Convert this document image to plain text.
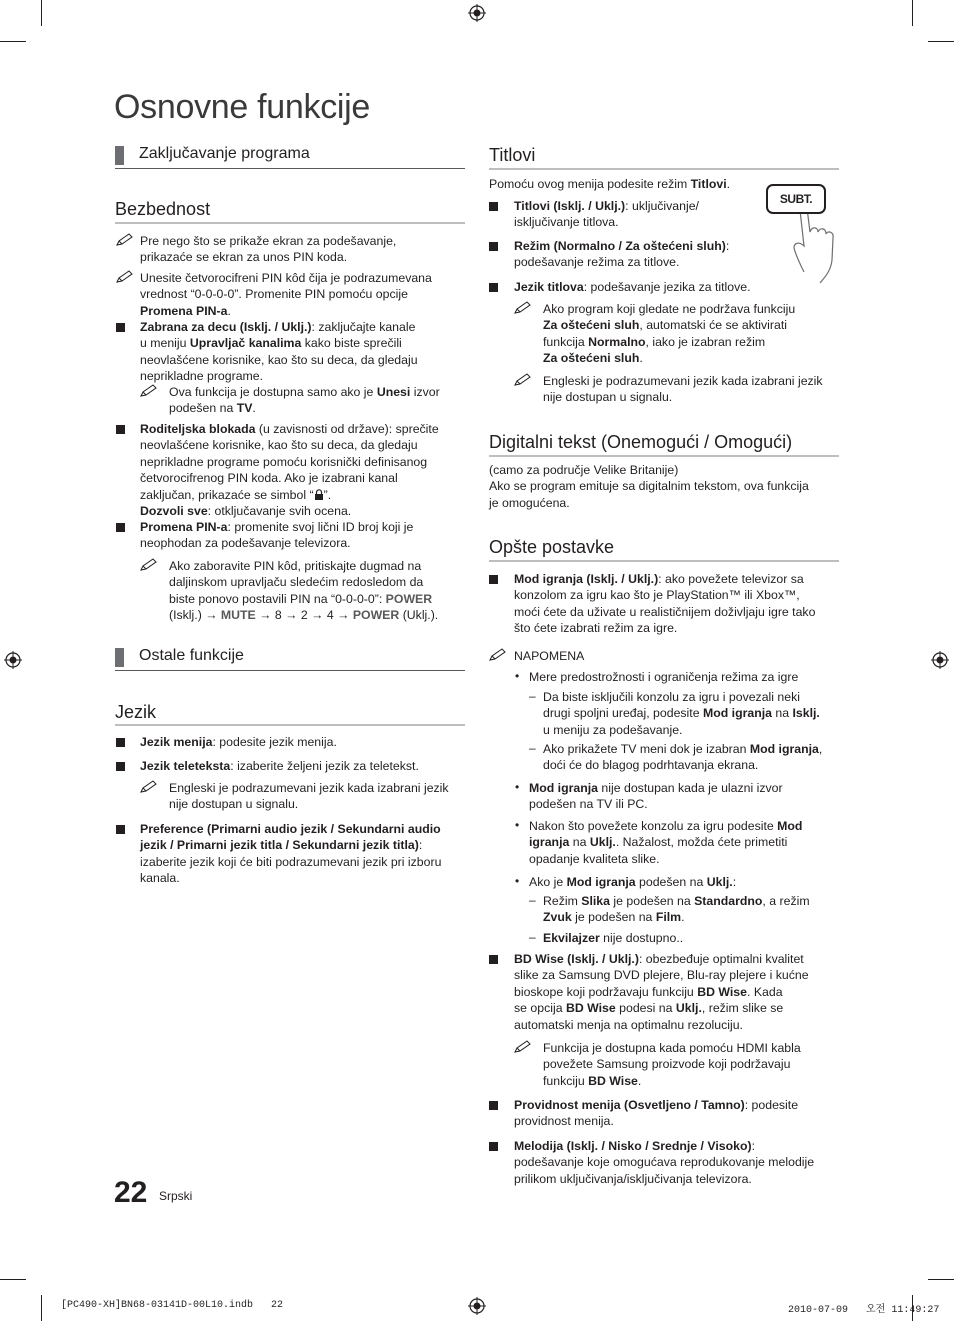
Osnovne funkcije
Zaključavanje programa
Bezbednost
Pre nego što se prikaže ekran za podešavanje,
prikazaće se ekran za unos PIN koda.
Unesite četvorocifreni PIN kôd čija je podrazumevana
vrednost “0-0-0-0”. Promenite PIN pomoću opcije
Promena PIN-a.
Zabrana za decu (Isklj. / Uklj.): zaključajte kanale
u meniju Upravljač kanalima kako biste sprečili
neovlašćene korisnike, kao što su deca, da gledaju
neprikladne programe.
Ova funkcija je dostupna samo ako je Unesi izvor
podešen na TV.
Roditeljska blokada (u zavisnosti od države): sprečite
neovlašćene korisnike, kao što su deca, da gledaju
neprikladne programe pomoću korisnički definisanog
četvorocifrenog PIN koda. Ako je izabrani kanal
zaključan, prikazaće se simbol “ ”.
Dozvoli sve: otključavanje svih ocena.
Promena PIN-a: promenite svoj lični ID broj koji je
neophodan za podešavanje televizora.
Ako zaboravite PIN kôd, pritiskajte dugmad na
daljinskom upravljaču sledećim redosledom da
biste ponovo postavili PIN na “0-0-0-0”: POWER
(Isklj.) → MUTE → 8 → 2 → 4 → POWER (Uklj.).
Ostale funkcije
Jezik
Jezik menija: podesite jezik menija.
Jezik teleteksta: izaberite željeni jezik za teletekst.
Engleski je podrazumevani jezik kada izabrani jezik
nije dostupan u signalu.
Preference (Primarni audio jezik / Sekundarni audio
jezik / Primarni jezik titla / Sekundarni jezik titla):
izaberite jezik koji će biti podrazumevani jezik pri izboru
kanala.
Titlovi
Pomoću ovog menija podesite režim Titlovi.
SUBT.
Titlovi (Isklj. / Uklj.): uključivanje/
isključivanje titlova.
Režim (Normalno / Za oštećeni sluh):
podešavanje režima za titlove.
Jezik titlova: podešavanje jezika za titlove.
Ako program koji gledate ne podržava funkciju
Za oštećeni sluh, automatski će se aktivirati
funkcija Normalno, iako je izabran režim
Za oštećeni sluh.
Engleski je podrazumevani jezik kada izabrani jezik
nije dostupan u signalu.
Digitalni tekst (Onemogući / Omogući)
(camo za područje Velike Britanije)
Ako se program emituje sa digitalnim tekstom, ova funkcija
je omogućena.
Opšte postavke
Mod igranja (Isklj. / Uklj.): ako povežete televizor sa
konzolom za igru kao što je PlayStation™ ili Xbox™,
moći ćete da uživate u realističnijem doživljaju igre tako
što ćete izabrati režim za igre.
NAPOMENA
• Mere predostrožnosti i ograničenja režima za igre
– Da biste isključili konzolu za igru i povezali neki
drugi spoljni uređaj, podesite Mod igranja na Isklj.
u meniju za podešavanje.
– Ako prikažete TV meni dok je izabran Mod igranja,
doći će do blagog podrhtavanja ekrana.
• Mod igranja nije dostupan kada je ulazni izvor
podešen na TV ili PC.
• Nakon što povežete konzolu za igru podesite Mod
igranja na Uklj.. Nažalost, možda ćete primetiti
opadanje kvaliteta slike.
• Ako je Mod igranja podešen na Uklj.:
– Režim Slika je podešen na Standardno, a režim
Zvuk je podešen na Film.
– Ekvilajzer nije dostupno..
BD Wise (Isklj. / Uklj.): obezbeđuje optimalni kvalitet
slike za Samsung DVD plejere, Blu-ray plejere i kućne
bioskope koji podržavaju funkciju BD Wise. Kada
se opcija BD Wise podesi na Uklj., režim slike se
automatski menja na optimalnu rezoluciju.
Funkcija je dostupna kada pomoću HDMI kabla
povežete Samsung proizvode koji podržavaju
funkciju BD Wise.
Providnost menija (Osvetljeno / Tamno): podesite
providnost menija.
Melodija (Isklj. / Nisko / Srednje / Visoko):
podešavanje koje omogućava reprodukovanje melodije
prilikom uključivanja/isključivanja televizora.
22 Srpski
[PC490-XH]BN68-03141D-00L10.indb   22	2010-07-09   오전 11:49:27
